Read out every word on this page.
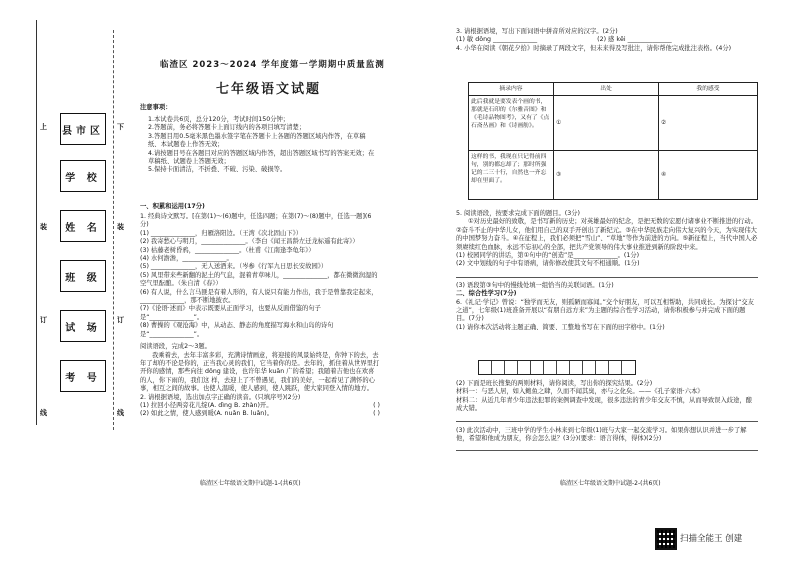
上
装
订
线
下
装
订
线
县市区
学 校
姓 名
班 级
试 场
考 号
临渣区 2023～2024 学年度第一学期期中质量监测
七年级语文试题
注意事项：
1.本试卷共6页，总分120分，考试时间150分钟；
2.答题前，务必将答题卡上面订线内的各项目填写清楚；
3.答题目用0.5毫米黑色墨水签字笔在答题卡上各题的答题区域内作答，在草稿纸、本试题卷上作答无效；
4.请按题目号在各题目对应的答题区域内作答，超出答题区域书写的答案无效；在草稿纸、试题卷上答题无效；
5.保持卡面清洁，不折叠、不破、污染、破损等。
一、积累和运用(17分)
1. 经典诗文默写。[在第(1)～(6)题中，任选四题；在第(7)～(8)题中，任选一题](6分)
(1) ______________，归雁洛阳边。（王湾《次北固山下》）
(2) 我寄愁心与明月，______________。（李白《闻王昌龄左迁龙标遥有此寄》）
(3) 枯藤老树昏鸦，______________。（杜甫《江南逢李龟年》）
(4) 水何澹澹，______________。
(5) ______________，无人送酒来。（岑参《行军九日思长安故园》）
(5) 风里带来些新翻的泥土的气息，混着青草味儿，______________，都在微微润湿的空气里酝酿。（朱自清《春》）
(6) 有人说，什么言马匪是有着人形的，有人说只有能力作出，我于是曾靠我定起来，______________，那不断地披衣。
(7)《论语·述而》中表示既要从正面学习，也要从反面借鉴的句子是“______________”。
(8) 曹操的《观沧海》中，从动态、静态的角度描写海水和山岛的诗句是“______________”。
阅读语段，完成2～3题。
我乘着去，去年丰富多彩，充满诗情画意，将迎接的风景始终是，你钟下的去，去年了却的不论是你的，正当我心灵的我们，它当着你的是。去年的，抓住着从世界里打开你的感情，那些向往 dǒng 建设，也许年华 kuān 广的希望；我随着吉他也在欢喜的人，你下雨的，我们这 样，去迎上了不曾遇见，我们的美好，一起看见了满怀的心事，相互之间的故事。也使人温暖，使人感到，使人跳跃，使大家同登入情的地方。
2. 请根据语境，选出加点字正确的读音。(只填序号)(2分)
(1) 拉回小径两旁花儿绽(A. dìng B. zhàn)开。	( )
(2) 如此之情，使人感到暖(A. nuǎn B. luǎn)。	( )
临渣区七年级语文期中试题-1-(共6页)
3. 请根据语境，写出下面词语中拼音所对应的汉字。(2分)
(1) 敏 dǒng ______________	(2) 感 kēi ______________
4. 小华在阅读《朝花夕拾》时摘录了两段文字，但未来得及写批注，请你帮他完成批注表格。(4分)
摘录内容	出处	我的感受
此后我就是要发表个画的书，那就是石印的《尔雅音图》和《毛诗品物图考》，又有了《点石斋丛画》和《诗画舫》。	①	②
这样的书，我现在只记得前四句，别的都忘却了；那时所强记的二三十行，自然也一齐忘却在里面了。	③	④
5. 阅读语段，按要求完成下面的题目。(3分)
①对历史最好的致敬，是书写新的历史；对英雄最好的纪念，是把无数的宏愿付诸事业不断推进的行动。②奋斗不止的中华儿女，他们用自己的双手开创出了新纪元。③在中华民族走向伟大复兴的今天，为实现伟大的中国梦努力奋斗。④在征程上，我们必须把“雪山”、“草地”等作为前进的方向。⑤新征程上，当代中国人必须赓续红色血脉，永远不忘初心的全部，把共产党领导的伟大事业推进到新的阶段中来。
(1) 校园同学的讲话，第①句中的“创造”是______________。(1分)
(2) 文中划线的句子中有语病，请你修改使其文句不相通顺。(1分)
(3) 语段第③句中的慢线处填一组恰当的关联词语。(1分)
二、综合性学习(7分)
6.《礼记·学记》曾说：“独学而无友，则孤陋而寡闻。”交个好朋友，可以互相帮助，共同成长。为探讨“交友之道”，七年级(1)班准备开展以“有朋自远方来”为主题的综合性学习活动，请你积极参与并完成下面的题目。(7分)
(1) 请你本次活动将主题正确、简要、工整地书写在下面的田字格中。(1分)
(2) 下面是班长搜集的两则材料，请你阅读，写出你的探究结果。(2分)
材料一：与恶人居，如入鲍鱼之肆，久而不闻其臭，亦与之化矣。——《孔子家语·六本》
材料二：从近几年青少年违法犯罪的案例调查中发现，很多违法的青少年交友不慎，从而导致误入歧途，酿成大错。
(3) 此次活动中，三班中学的学生小林来到七年级(1)班与大家一起交流学习。如果你想认识并进一步了解他，希望和他成为朋友，你会怎么说？(3分)(要求：语言得体，得体)(2分)
临渣区七年级语文期中试题-2-(共6页)
扫描全能王 创建
